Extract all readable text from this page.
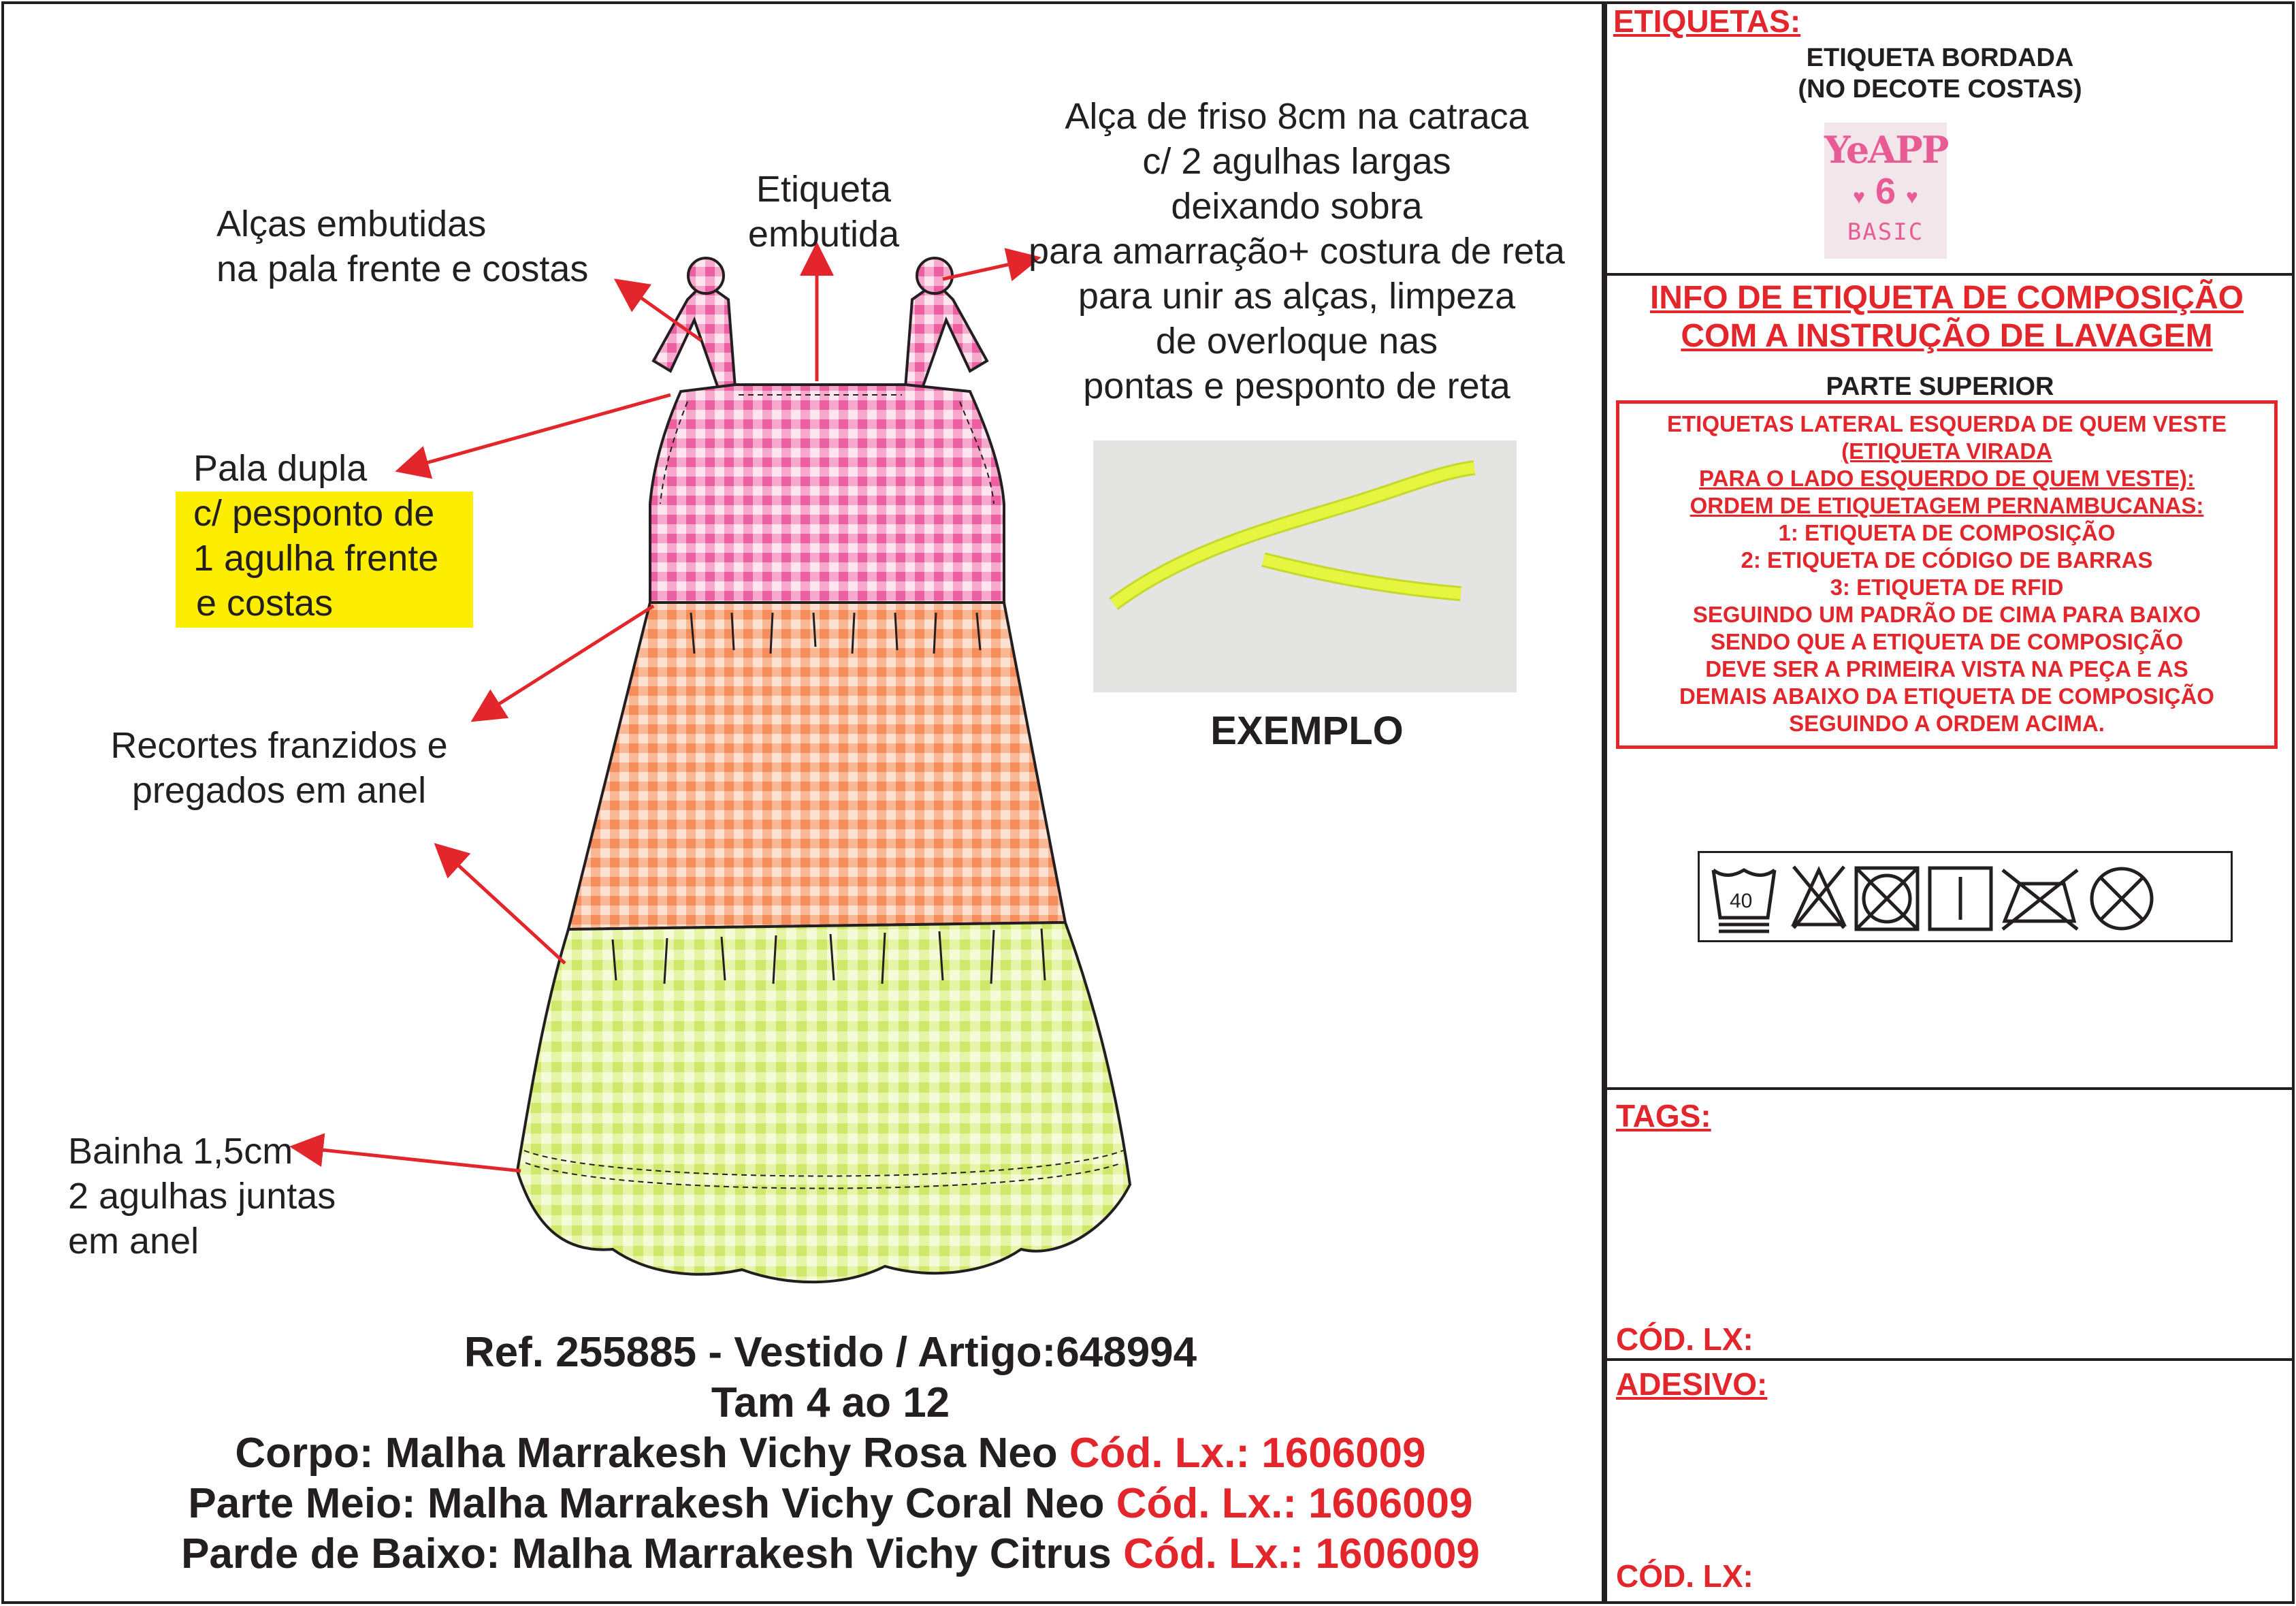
EXEMPLO
Alças embutidas
na pala frente e costas
Etiqueta
embutida
Alça de friso 8cm na catraca
c/ 2 agulhas largas
deixando sobra
para amarração+ costura de reta
para unir as alças, limpeza
de overloque nas
pontas e pesponto de reta
Pala dupla
c/ pesponto de
1 agulha frente
e costas
Recortes franzidos e
pregados em anel
Bainha 1,5cm
2 agulhas juntas
em anel
Ref. 255885 - Vestido / Artigo:648994
Tam 4 ao 12
Corpo: Malha Marrakesh Vichy Rosa Neo Cód. Lx.: 1606009
Parte Meio: Malha Marrakesh Vichy Coral Neo Cód. Lx.: 1606009
Parde de Baixo: Malha Marrakesh Vichy Citrus Cód. Lx.: 1606009
ETIQUETAS:
ETIQUETA BORDADA
(NO DECOTE COSTAS)
YeAPP
♥ 6 ♥
BASIC
INFO DE ETIQUETA DE COMPOSIÇÃO
COM A INSTRUÇÃO DE LAVAGEM
PARTE SUPERIOR
ETIQUETAS LATERAL ESQUERDA DE QUEM VESTE
(ETIQUETA VIRADA
PARA O LADO ESQUERDO DE QUEM VESTE):
ORDEM DE ETIQUETAGEM PERNAMBUCANAS:
1: ETIQUETA DE COMPOSIÇÃO
2: ETIQUETA DE CÓDIGO DE BARRAS
3: ETIQUETA DE RFID
SEGUINDO UM PADRÃO DE CIMA PARA BAIXO
SENDO QUE A ETIQUETA DE COMPOSIÇÃO
DEVE SER A PRIMEIRA VISTA NA PEÇA E AS
DEMAIS ABAIXO DA ETIQUETA DE COMPOSIÇÃO
SEGUINDO A ORDEM ACIMA.
40
TAGS:
CÓD. LX:
ADESIVO:
CÓD. LX:
